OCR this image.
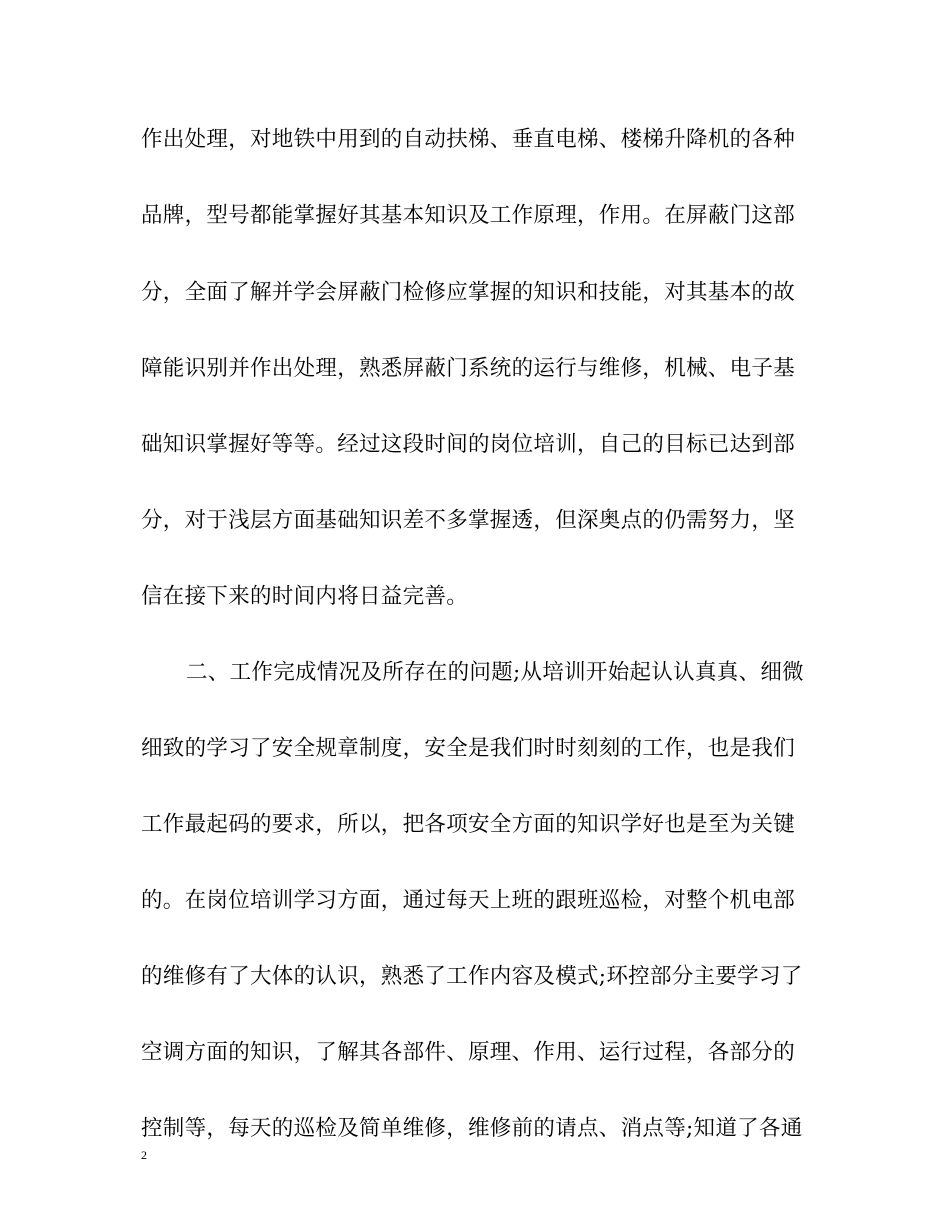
作出处理，对地铁中用到的自动扶梯、垂直电梯、楼梯升降机的各种
品牌，型号都能掌握好其基本知识及工作原理，作用。在屏蔽门这部
分，全面了解并学会屏蔽门检修应掌握的知识和技能，对其基本的故
障能识别并作出处理，熟悉屏蔽门系统的运行与维修，机械、电子基
础知识掌握好等等。经过这段时间的岗位培训，自己的目标已达到部
分，对于浅层方面基础知识差不多掌握透，但深奥点的仍需努力，坚
信在接下来的时间内将日益完善。
二、工作完成情况及所存在的问题;从培训开始起认认真真、细微
细致的学习了安全规章制度，安全是我们时时刻刻的工作，也是我们
工作最起码的要求，所以，把各项安全方面的知识学好也是至为关键
的。在岗位培训学习方面，通过每天上班的跟班巡检，对整个机电部
的维修有了大体的认识，熟悉了工作内容及模式;环控部分主要学习了
空调方面的知识，了解其各部件、原理、作用、运行过程，各部分的
控制等，每天的巡检及简单维修，维修前的请点、消点等;知道了各通
2
